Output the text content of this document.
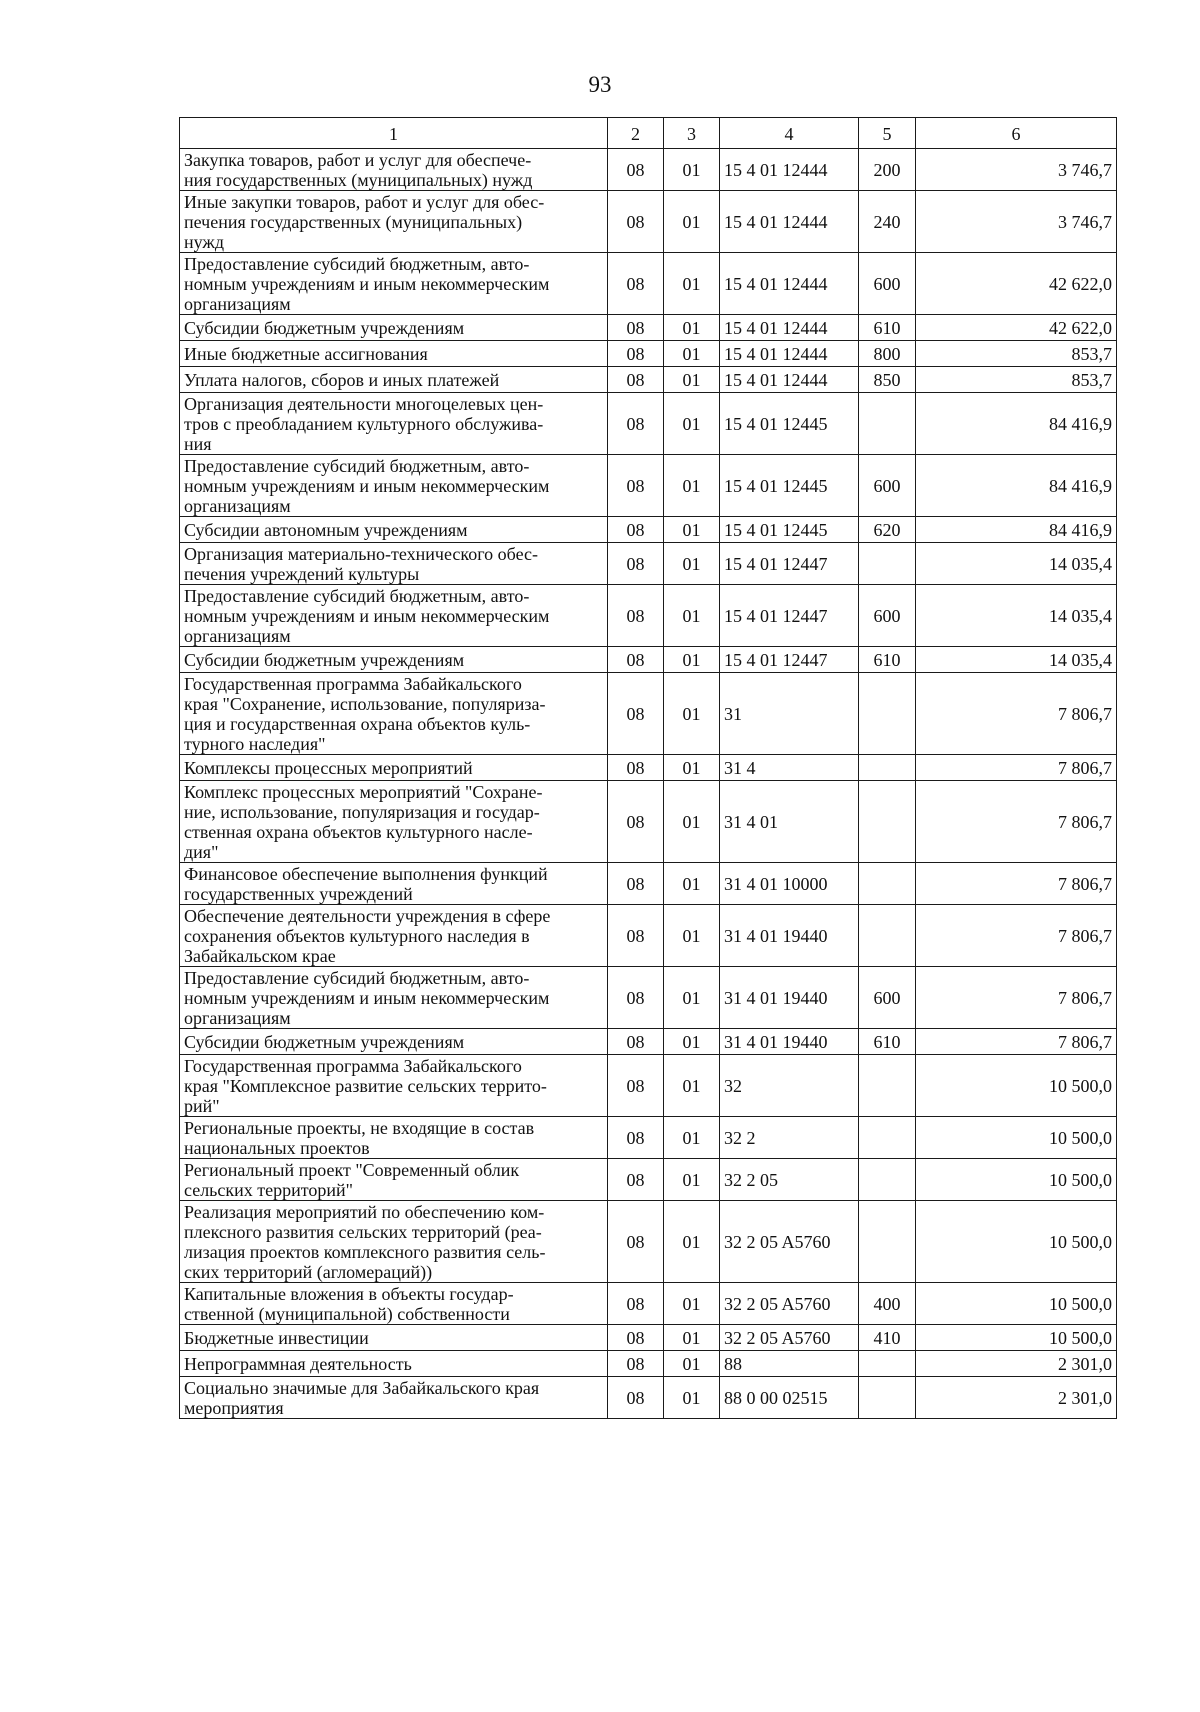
93
1	2	3	4	5	6
Закупка товаров, работ и услуг для обеспече-
ния государственных (муниципальных) нужд	08	01	15 4 01 12444	200	3 746,7
Иные закупки товаров, работ и услуг для обес-
печения государственных (муниципальных)
нужд	08	01	15 4 01 12444	240	3 746,7
Предоставление субсидий бюджетным, авто-
номным учреждениям и иным некоммерческим
организациям	08	01	15 4 01 12444	600	42 622,0
Субсидии бюджетным учреждениям	08	01	15 4 01 12444	610	42 622,0
Иные бюджетные ассигнования	08	01	15 4 01 12444	800	853,7
Уплата налогов, сборов и иных платежей	08	01	15 4 01 12444	850	853,7
Организация деятельности многоцелевых цен-
тров с преобладанием культурного обслужива-
ния	08	01	15 4 01 12445		84 416,9
Предоставление субсидий бюджетным, авто-
номным учреждениям и иным некоммерческим
организациям	08	01	15 4 01 12445	600	84 416,9
Субсидии автономным учреждениям	08	01	15 4 01 12445	620	84 416,9
Организация материально-технического обес-
печения учреждений культуры	08	01	15 4 01 12447		14 035,4
Предоставление субсидий бюджетным, авто-
номным учреждениям и иным некоммерческим
организациям	08	01	15 4 01 12447	600	14 035,4
Субсидии бюджетным учреждениям	08	01	15 4 01 12447	610	14 035,4
Государственная программа Забайкальского
края "Сохранение, использование, популяриза-
ция и государственная охрана объектов куль-
турного наследия"	08	01	31		7 806,7
Комплексы процессных мероприятий	08	01	31 4		7 806,7
Комплекс процессных мероприятий "Сохране-
ние, использование, популяризация и государ-
ственная охрана объектов культурного насле-
дия"	08	01	31 4 01		7 806,7
Финансовое обеспечение выполнения функций
государственных учреждений	08	01	31 4 01 10000		7 806,7
Обеспечение деятельности учреждения в сфере
сохранения объектов культурного наследия в
Забайкальском крае	08	01	31 4 01 19440		7 806,7
Предоставление субсидий бюджетным, авто-
номным учреждениям и иным некоммерческим
организациям	08	01	31 4 01 19440	600	7 806,7
Субсидии бюджетным учреждениям	08	01	31 4 01 19440	610	7 806,7
Государственная программа Забайкальского
края "Комплексное развитие сельских террито-
рий"	08	01	32		10 500,0
Региональные проекты, не входящие в состав
национальных проектов	08	01	32 2		10 500,0
Региональный проект "Современный облик
сельских территорий"	08	01	32 2 05		10 500,0
Реализация мероприятий по обеспечению ком-
плексного развития сельских территорий (реа-
лизация проектов комплексного развития сель-
ских территорий (агломераций))	08	01	32 2 05 A5760		10 500,0
Капитальные вложения в объекты государ-
ственной (муниципальной) собственности	08	01	32 2 05 A5760	400	10 500,0
Бюджетные инвестиции	08	01	32 2 05 A5760	410	10 500,0
Непрограммная деятельность	08	01	88		2 301,0
Социально значимые для Забайкальского края
мероприятия	08	01	88 0 00 02515		2 301,0
